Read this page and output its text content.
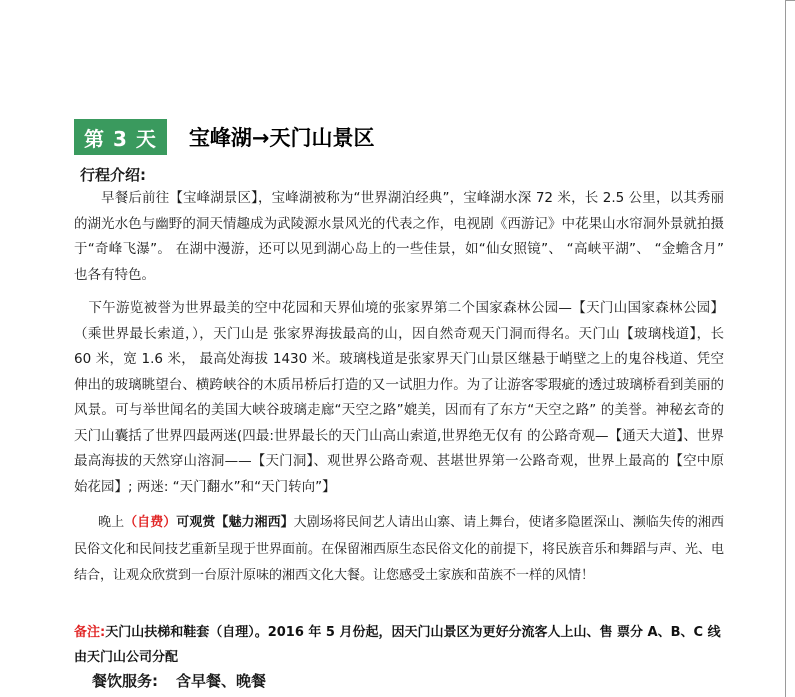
第 3 天	宝峰湖→天门山景区
行程介绍:
早餐后前往【宝峰湖景区】，宝峰湖被称为“世界湖泊经典”，宝峰湖水深 72 米，长 2.5 公里，以其秀丽的湖光水色与幽野的洞天情趣成为武陵源水景风光的代表之作，电视剧《西游记》中花果山水帘洞外景就拍摄于“奇峰飞瀑”。 在湖中漫游，还可以见到湖心岛上的一些佳景，如“仙女照镜”、 “高峡平湖”、 “金蟾含月” 也各有特色。
下午游览被誉为世界最美的空中花园和天界仙境的张家界第二个国家森林公园—【天门山国家森林公园】（乘世界最长索道，），天门山是 张家界海拔最高的山，因自然奇观天门洞而得名。天门山【玻璃栈道】，长 60 米，宽 1.6 米， 最高处海拔 1430 米。玻璃栈道是张家界天门山景区继悬于峭壁之上的鬼谷栈道、凭空伸出的玻璃眺望台、横跨峡谷的木质吊桥后打造的又一试胆力作。为了让游客零瑕疵的透过玻璃桥看到美丽的风景。可与举世闻名的美国大峡谷玻璃走廊“天空之路”媲美，因而有了东方“天空之路” 的美誉。神秘玄奇的天门山囊括了世界四最两迷(四最:世界最长的天门山高山索道,世界绝无仅有 的公路奇观—【通天大道】、世界最高海拔的天然穿山溶洞——【天门洞】、观世界公路奇观、甚堪世界第一公路奇观，世界上最高的【空中原始花园】; 两迷: “天门翻水”和“天门转向”】
晚上（自费）可观赏【魅力湘西】大剧场将民间艺人请出山寨、请上舞台，使诸多隐匿深山、濒临失传的湘西民俗文化和民间技艺重新呈现于世界面前。在保留湘西原生态民俗文化的前提下，将民族音乐和舞蹈与声、光、电结合，让观众欣赏到一台原汁原味的湘西文化大餐。让您感受土家族和苗族不一样的风情！
备注:天门山扶梯和鞋套（自理）。2016 年 5 月份起，因天门山景区为更好分流客人上山、售 票分 A、B、C 线由天门山公司分配
餐饮服务: 含早餐、晚餐
